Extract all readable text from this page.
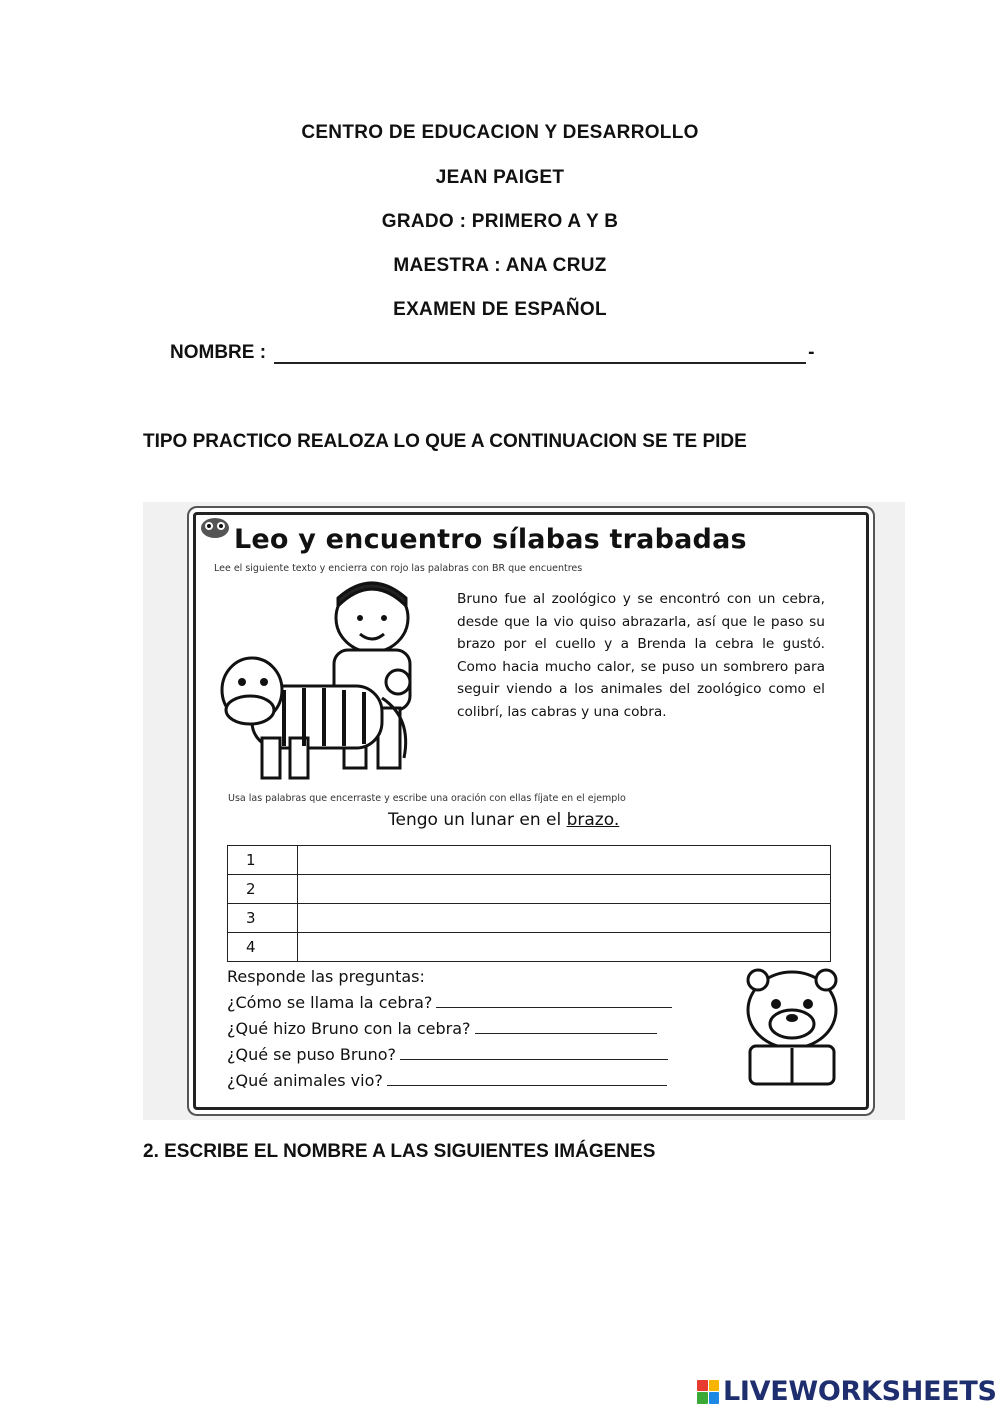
CENTRO DE EDUCACION Y DESARROLLO
JEAN PAIGET
GRADO : PRIMERO A Y B
MAESTRA : ANA CRUZ
EXAMEN DE ESPAÑOL
NOMBRE :	-
TIPO PRACTICO REALOZA LO QUE A CONTINUACION SE TE PIDE
Leo y encuentro sílabas trabadas
Lee el siguiente texto y encierra con rojo las palabras con BR que encuentres
Bruno fue al zoológico y se encontró con un cebra, desde que la vio quiso abrazarla, así que le paso su brazo por el cuello y a Brenda la cebra le gustó. Como hacia mucho calor, se puso un sombrero para seguir viendo a los animales del zoológico como el colibrí, las cabras y una cobra.
Usa las palabras que encerraste y escribe una oración con ellas fíjate en el ejemplo
Tengo un lunar en el brazo.
1	
2	
3	
4	
Responde las preguntas:
¿Cómo se llama la cebra?
¿Qué hizo Bruno con la cebra?
¿Qué se puso Bruno?
¿Qué animales vio?
2. ESCRIBE EL NOMBRE A LAS SIGUIENTES IMÁGENES
LIVEWORKSHEETS
